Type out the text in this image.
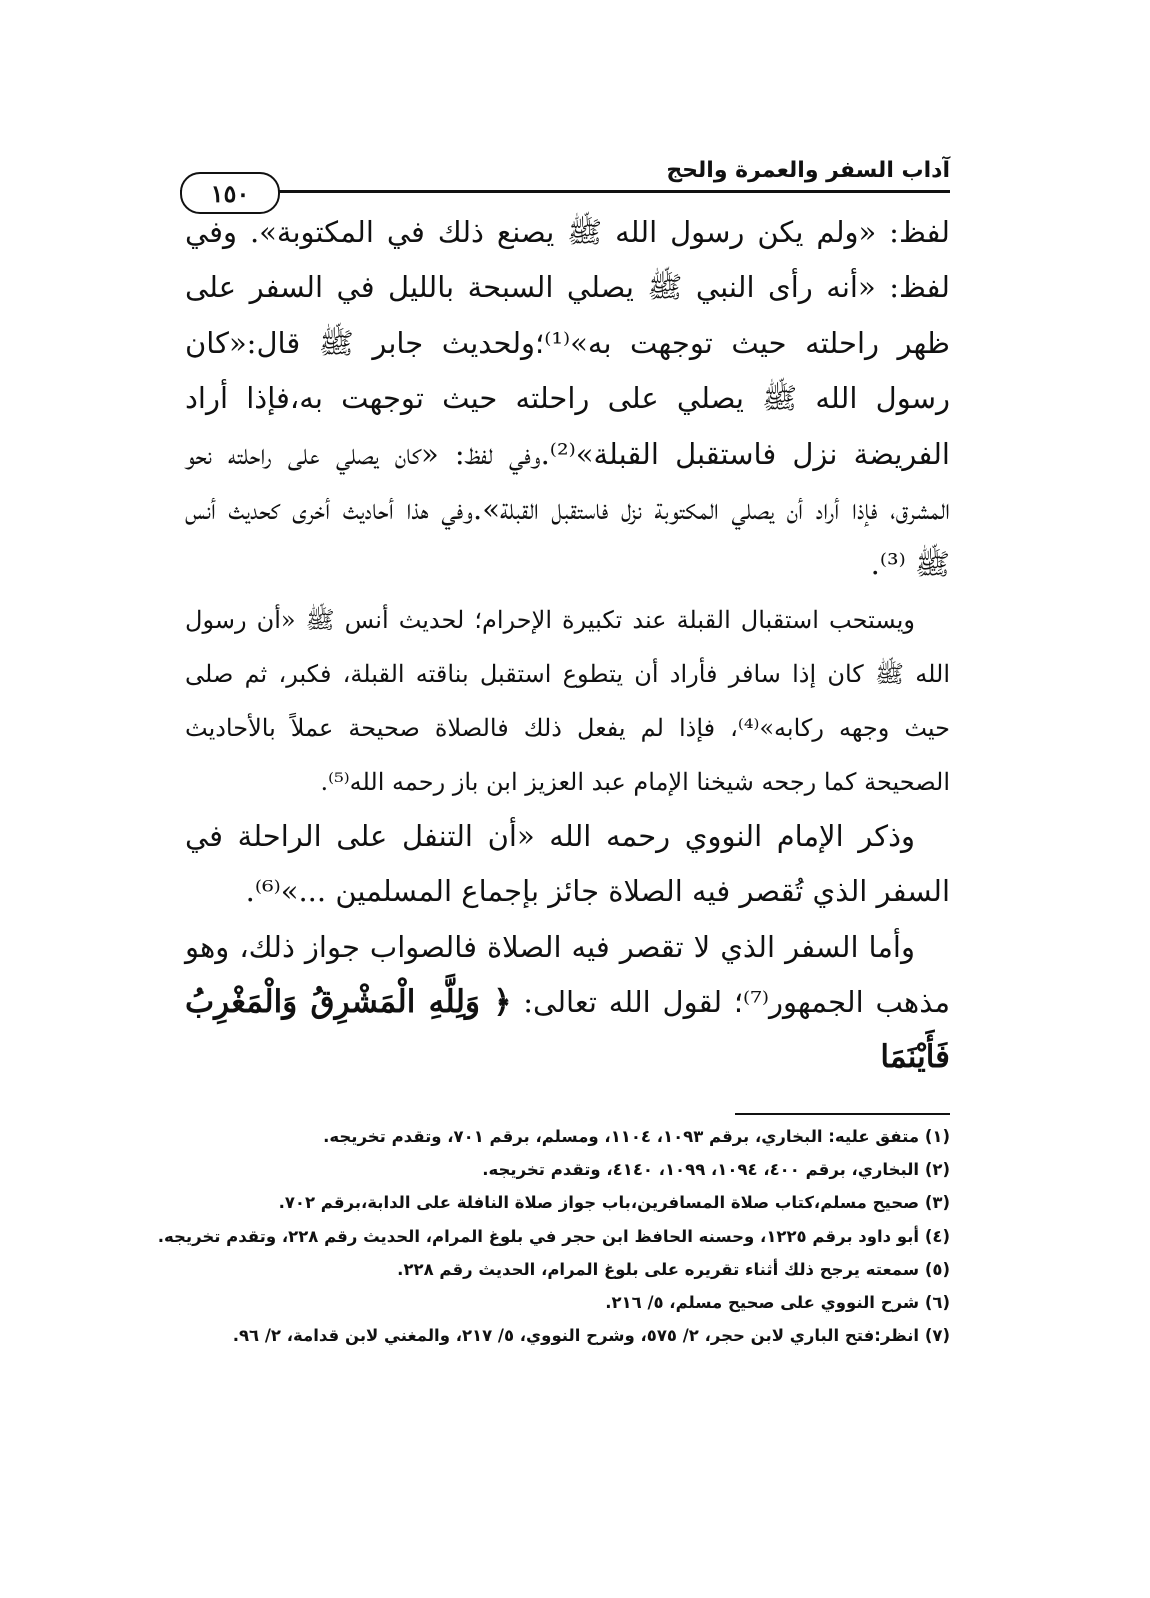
آداب السفر والعمرة والحج
١٥٠

لفظ: «ولم يكن رسول الله ﷺ يصنع ذلك في المكتوبة». وفي لفظ: «أنه رأى النبي ﷺ يصلي السبحة بالليل في السفر على ظهر راحلته حيث توجهت به»⁽¹⁾؛ولحديث جابر ﷺ قال:«كان رسول الله ﷺ يصلي على راحلته حيث توجهت به،فإذا أراد الفريضة نزل فاستقبل القبلة»⁽²⁾.وفي لفظ: «كان يصلي على راحلته نحو المشرق، فإذا أراد أن يصلي المكتوبة نزل فاستقبل القبلة».وفي هذا أحاديث أخرى كحديث أنس ﷺ ⁽³⁾.

ويستحب استقبال القبلة عند تكبيرة الإحرام؛ لحديث أنس ﷺ «أن رسول الله ﷺ كان إذا سافر فأراد أن يتطوع استقبل بناقته القبلة، فكبر، ثم صلى حيث وجهه ركابه»⁽⁴⁾، فإذا لم يفعل ذلك فالصلاة صحيحة عملاً بالأحاديث الصحيحة كما رجحه شيخنا الإمام عبد العزيز ابن باز رحمه الله⁽⁵⁾.

وذكر الإمام النووي رحمه الله «أن التنفل على الراحلة في السفر الذي تُقصر فيه الصلاة جائز بإجماع المسلمين ...»⁽⁶⁾.

وأما السفر الذي لا تقصر فيه الصلاة فالصواب جواز ذلك، وهو مذهب الجمهور⁽⁷⁾؛ لقول الله تعالى: ﴿ وَلِلَّهِ الْمَشْرِقُ وَالْمَغْرِبُ فَأَيْنَمَا

(١) متفق عليه: البخاري، برقم ١٠٩٣، ١١٠٤، ومسلم، برقم ٧٠١، وتقدم تخريجه.

(٢) البخاري، برقم ٤٠٠، ١٠٩٤، ١٠٩٩، ٤١٤٠، وتقدم تخريجه.

(٣) صحيح مسلم،كتاب صلاة المسافرين،باب جواز صلاة النافلة على الدابة،برقم ٧٠٢.

(٤) أبو داود برقم ١٢٢٥، وحسنه الحافظ ابن حجر في بلوغ المرام، الحديث رقم ٢٢٨، وتقدم تخريجه.

(٥) سمعته يرجح ذلك أثناء تقريره على بلوغ المرام، الحديث رقم ٢٢٨.

(٦) شرح النووي على صحيح مسلم، ٥/ ٢١٦.

(٧) انظر:فتح الباري لابن حجر، ٢/ ٥٧٥، وشرح النووي، ٥/ ٢١٧، والمغني لابن قدامة، ٢/ ٩٦.
